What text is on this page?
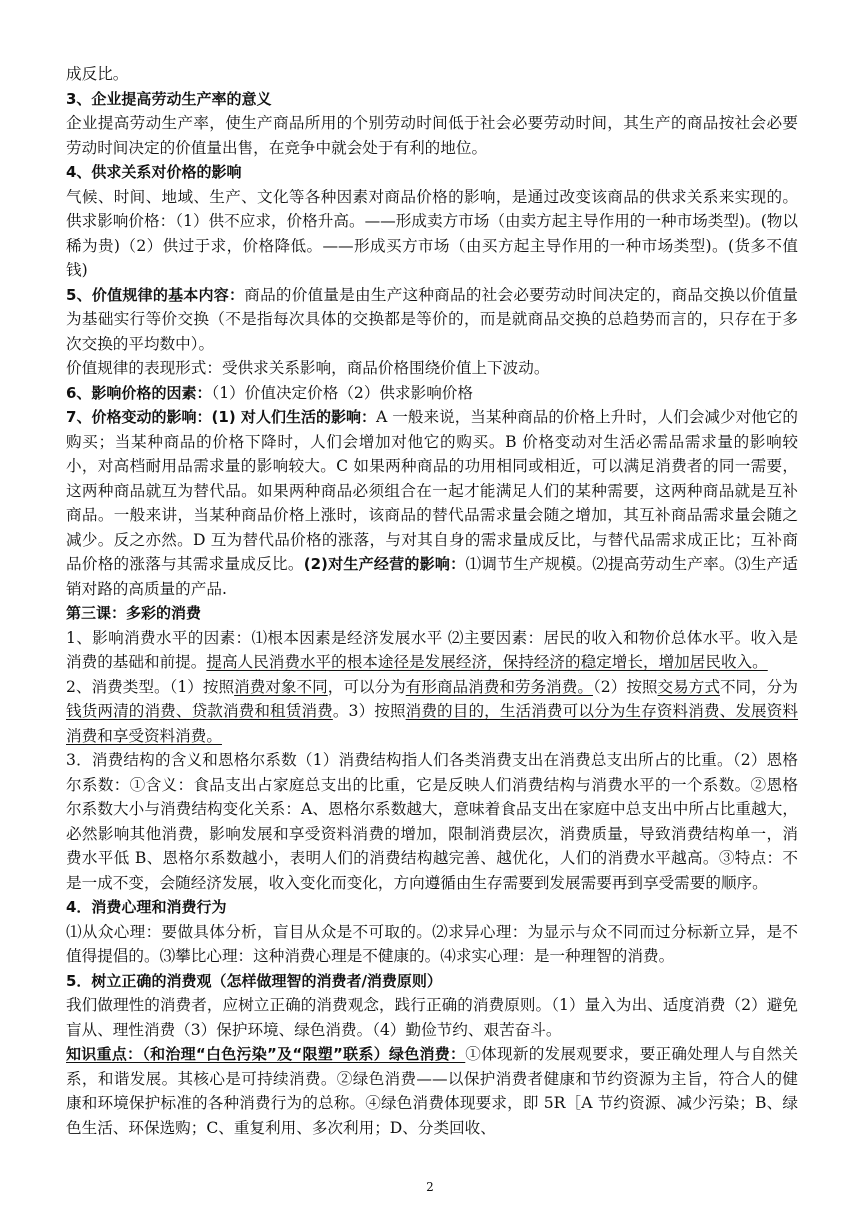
成反比。

3、企业提高劳动生产率的意义

企业提高劳动生产率，使生产商品所用的个别劳动时间低于社会必要劳动时间，其生产的商品按社会必要劳动时间决定的价值量出售，在竞争中就会处于有利的地位。

4、供求关系对价格的影响

气候、时间、地域、生产、文化等各种因素对商品价格的影响，是通过改变该商品的供求关系来实现的。供求影响价格：（1）供不应求，价格升高。——形成卖方市场（由卖方起主导作用的一种市场类型)。(物以稀为贵)（2）供过于求，价格降低。——形成买方市场（由买方起主导作用的一种市场类型)。(货多不值钱)

5、价值规律的基本内容：商品的价值量是由生产这种商品的社会必要劳动时间决定的，商品交换以价值量为基础实行等价交换（不是指每次具体的交换都是等价的，而是就商品交换的总趋势而言的，只存在于多次交换的平均数中）。

价值规律的表现形式：受供求关系影响，商品价格围绕价值上下波动。

6、影响价格的因素：（1）价值决定价格（2）供求影响价格

7、价格变动的影响：(1) 对人们生活的影响：A 一般来说，当某种商品的价格上升时，人们会减少对他它的购买；当某种商品的价格下降时，人们会增加对他它的购买。B 价格变动对生活必需品需求量的影响较小，对高档耐用品需求量的影响较大。C 如果两种商品的功用相同或相近，可以满足消费者的同一需要，这两种商品就互为替代品。如果两种商品必须组合在一起才能满足人们的某种需要，这两种商品就是互补商品。一般来讲，当某种商品价格上涨时，该商品的替代品需求量会随之增加，其互补商品需求量会随之减少。反之亦然。D 互为替代品价格的涨落，与对其自身的需求量成反比，与替代品需求成正比；互补商品价格的涨落与其需求量成反比。(2)对生产经营的影响：⑴调节生产规模。⑵提高劳动生产率。⑶生产适销对路的高质量的产品.

第三课：多彩的消费

1、影响消费水平的因素：⑴根本因素是经济发展水平 ⑵主要因素：居民的收入和物价总体水平。收入是消费的基础和前提。提高人民消费水平的根本途径是发展经济，保持经济的稳定增长，增加居民收入。

2、消费类型。（1）按照消费对象不同，可以分为有形商品消费和劳务消费。（2）按照交易方式不同，分为钱货两清的消费、贷款消费和租赁消费。3）按照消费的目的，生活消费可以分为生存资料消费、发展资料消费和享受资料消费。

3．消费结构的含义和恩格尔系数（1）消费结构指人们各类消费支出在消费总支出所占的比重。（2）恩格尔系数：①含义：食品支出占家庭总支出的比重，它是反映人们消费结构与消费水平的一个系数。②恩格尔系数大小与消费结构变化关系：A、恩格尔系数越大，意味着食品支出在家庭中总支出中所占比重越大，必然影响其他消费，影响发展和享受资料消费的增加，限制消费层次，消费质量，导致消费结构单一，消费水平低 B、恩格尔系数越小，表明人们的消费结构越完善、越优化，人们的消费水平越高。③特点：不是一成不变，会随经济发展，收入变化而变化，方向遵循由生存需要到发展需要再到享受需要的顺序。

4．消费心理和消费行为

⑴从众心理：要做具体分析，盲目从众是不可取的。⑵求异心理：为显示与众不同而过分标新立异，是不值得提倡的。⑶攀比心理：这种消费心理是不健康的。⑷求实心理：是一种理智的消费。

5．树立正确的消费观（怎样做理智的消费者/消费原则）

我们做理性的消费者，应树立正确的消费观念，践行正确的消费原则。（1）量入为出、适度消费（2）避免盲从、理性消费（3）保护环境、绿色消费。（4）勤俭节约、艰苦奋斗。

知识重点：（和治理“白色污染”及“限塑”联系）绿色消费：①体现新的发展观要求，要正确处理人与自然关系，和谐发展。其核心是可持续消费。②绿色消费——以保护消费者健康和节约资源为主旨，符合人的健康和环境保护标准的各种消费行为的总称。④绿色消费体现要求，即 5R［A 节约资源、减少污染；B、绿色生活、环保选购；C、重复利用、多次利用；D、分类回收、

2
